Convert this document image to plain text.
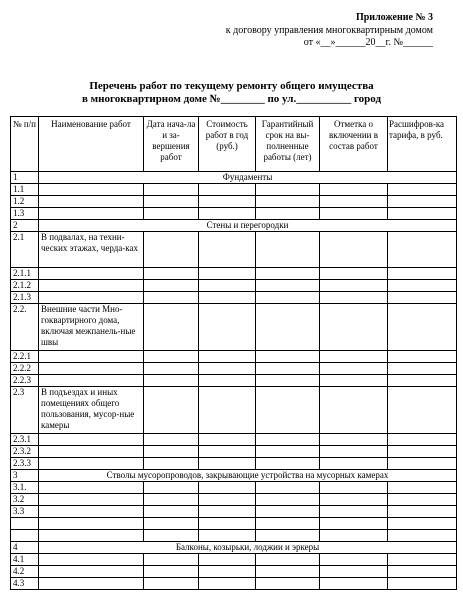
Приложение № 3
к договору управления многоквартирным домом
от «__»______20__г. №______
Перечень работ по текущему ремонту общего имущества
в многоквартирном доме №________ по ул.__________ город
№ п/п	Наименование работ	Дата нача-ла и за-вершения работ	Стоимость работ в год (руб.)	Гарантийный срок на вы-полненные работы (лет)	Отметка о включении в состав работ	Расшифров-ка тарифа, в руб.
1	Фундаменты					
1.1						
1.2						
1.3						
2	Стены и перегородки					
2.1	В подвалах, на техни-ческих этажах, черда-ках					
2.1.1						
2.1.2						
2.1.3						
2.2.	Внешние части Мно-гоквартирного дома, включая межпанель-ные швы					
2.2.1						
2.2.2						
2.2.3						
2.3	В подъездах и иных помещениях общего пользования, мусор-ные камеры					
2.3.1						
2.3.2						
2.3.3						
3	Стволы мусоропроводов, закрывающие устройства на мусорных камерах					
3.1.						
3.2						
3.3						

4	Балконы, козырьки, лоджии и эркеры					
4.1						
4.2						
4.3						
